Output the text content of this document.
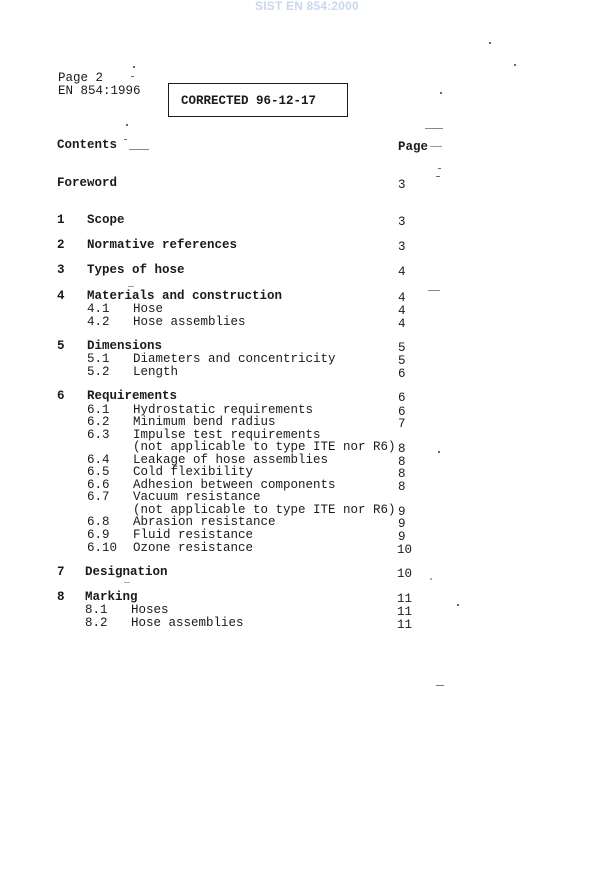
SIST EN 854:2000
Page 2
EN 854:1996
CORRECTED 96-12-17
Contents	Page
Foreword	3
1
2
3
4
5
6
7
8
Scope
Normative references
Types of hose
Materials and construction
Dimensions
Requirements
Designation
Marking
3
3
4
4
5
6
10
11
4.1
4.2
5.1
5.2
6.1
6.2
6.3
6.4
6.5
6.6
6.7
6.8
6.9
6.10
8.1
8.2
Hose
Hose assemblies
Diameters and concentricity
Length
Hydrostatic requirements
Minimum bend radius
Impulse test requirements
(not applicable to type ITE nor R6)
Leakage of hose assemblies
Cold flexibility
Adhesion between components
Vacuum resistance
(not applicable to type ITE nor R6)
Abrasion resistance
Fluid resistance
Ozone resistance
Hoses
Hose assemblies
4
4
5
6
6
7
8
8
8
8
9
9
9
10
11
11
